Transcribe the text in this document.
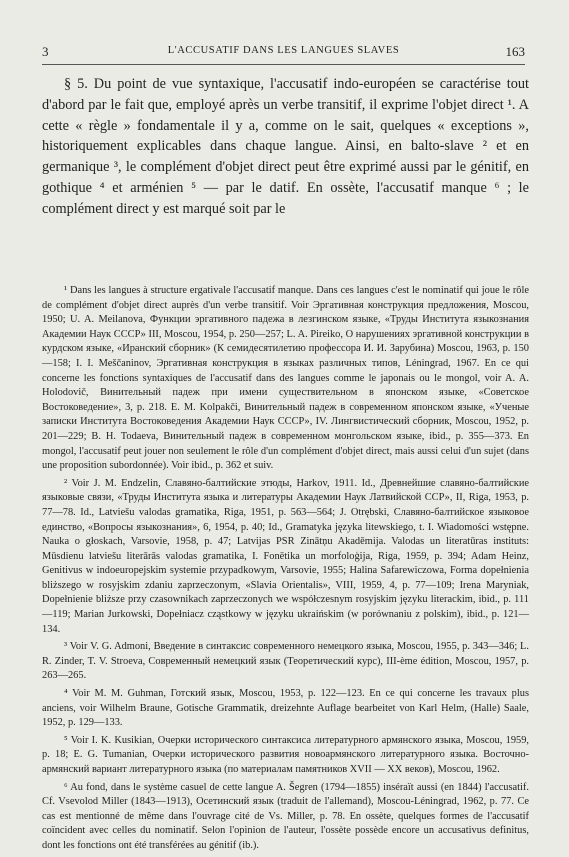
3	L'ACCUSATIF DANS LES LANGUES SLAVES	163

§ 5. Du point de vue syntaxique, l'accusatif indo-européen se caractérise tout d'abord par le fait que, employé après un verbe transitif, il exprime l'objet direct ¹. A cette « règle » fondamentale il y a, comme on le sait, quelques « exceptions », historiquement explicables dans chaque langue. Ainsi, en balto-slave ² et en germanique ³, le complément d'objet direct peut être exprimé aussi par le génitif, en gothique ⁴ et arménien ⁵ — par le datif. En ossète, l'accusatif manque ⁶ ; le complément direct y est marqué soit par le

¹ Dans les langues à structure ergativale l'accusatif manque. Dans ces langues c'est le nominatif qui joue le rôle de complément d'objet direct auprès d'un verbe transitif. Voir Эргативная конструкция предложения, Moscou, 1950; U. A. Meilanova, Функции эргативного падежа в лезгинском языке, «Труды Института языкознания Академии Наук СССР» III, Moscou, 1954, p. 250—257; L. A. Pireiko, О нарушениях эргативной конструкции в курдском языке, «Иранский сборник» (К семидесятилетию профессора И. И. Зарубина) Moscou, 1963, p. 150—158; I. I. Meščaninov, Эргативная конструкция в языках различных типов, Léningrad, 1967. En ce qui concerne les fonctions syntaxiques de l'accusatif dans des langues comme le japonais ou le mongol, voir A. A. Holodovič, Винительный падеж при имени существительном в японском языке, «Советское Востоковедение», 3, p. 218. E. M. Kolpakči, Винительный падеж в современном японском языке, «Ученые записки Института Востоковедения Академии Наук СССР», IV. Лингвистический сборник, Moscou, 1952, p. 201—229; B. H. Todaeva, Винительный падеж в современном монгольском языке, ibid., p. 355—373. En mongol, l'accusatif peut jouer non seulement le rôle d'un complément d'objet direct, mais aussi celui d'un sujet (dans une proposition subordonnée). Voir ibid., p. 362 et suiv.

² Voir J. M. Endzelin, Славяно-балтийские этюды, Harkov, 1911. Id., Древнейшие славяно-балтийские языковые связи, «Труды Института языка и литературы Академии Наук Латвийской ССР», II, Riga, 1953, p. 77—78. Id., Latviešu valodas gramatika, Riga, 1951, p. 563—564; J. Otrębski, Славяно-балтийское языковое единство, «Вопросы языкознания», 6, 1954, p. 40; Id., Gramatyka języka litewskiego, t. I. Wiadomości wstępne. Nauka o głoskach, Varsovie, 1958, p. 47; Latvijas PSR Zinātņu Akadēmija. Valodas un literatūras instituts: Mūsdienu latviešu literārās valodas gramatika, I. Fonētika un morfoloģija, Riga, 1959, p. 394; Adam Heinz, Genitivus w indoeuropejskim systemie przypadkowym, Varsovie, 1955; Halina Safarewiczowa, Forma dopełnienia bliższego w rosyjskim zdaniu zaprzeczonym, «Slavia Orientalis», VIII, 1959, 4, p. 77—109; Irena Maryniak, Dopełnienie bliższe przy czasownikach zaprzeczonych we współczesnym rosyjskim języku literackim, ibid., p. 111—119; Marian Jurkowski, Dopełniacz cząstkowy w języku ukraińskim (w porównaniu z polskim), ibid., p. 121—134.

³ Voir V. G. Admoni, Введение в синтаксис современного немецкого языка, Moscou, 1955, p. 343—346; L. R. Zinder, T. V. Stroeva, Современный немецкий язык (Теоретический курс), III-ème édition, Moscou, 1957, p. 263—265.

⁴ Voir M. M. Guhman, Готский язык, Moscou, 1953, p. 122—123. En ce qui concerne les travaux plus anciens, voir Wilhelm Braune, Gotische Grammatik, dreizehnte Auflage bearbeitet von Karl Helm, (Halle) Saale, 1952, p. 129—133.

⁵ Voir I. K. Kusikian, Очерки исторического синтаксиса литературного армянского языка, Moscou, 1959, p. 18; E. G. Tumanian, Очерки исторического развития новоармянского литературного языка. Восточно-армянский вариант литературного языка (по материалам памятников XVII — XX веков), Moscou, 1962.

⁶ Au fond, dans le système casuel de cette langue A. Šegren (1794—1855) inséraït aussi (en 1844) l'accusatif. Cf. Vsevolod Miller (1843—1913), Осетинский язык (traduit de l'allemand), Moscou-Léningrad, 1962, p. 77. Ce cas est mentionné de même dans l'ouvrage cité de Vs. Miller, p. 78. En ossète, quelques formes de l'accusatif coïncident avec celles du nominatif. Selon l'opinion de l'auteur, l'ossète possède encore un accusativus definitus, dont les fonctions ont été transférées au génitif (ib.).
